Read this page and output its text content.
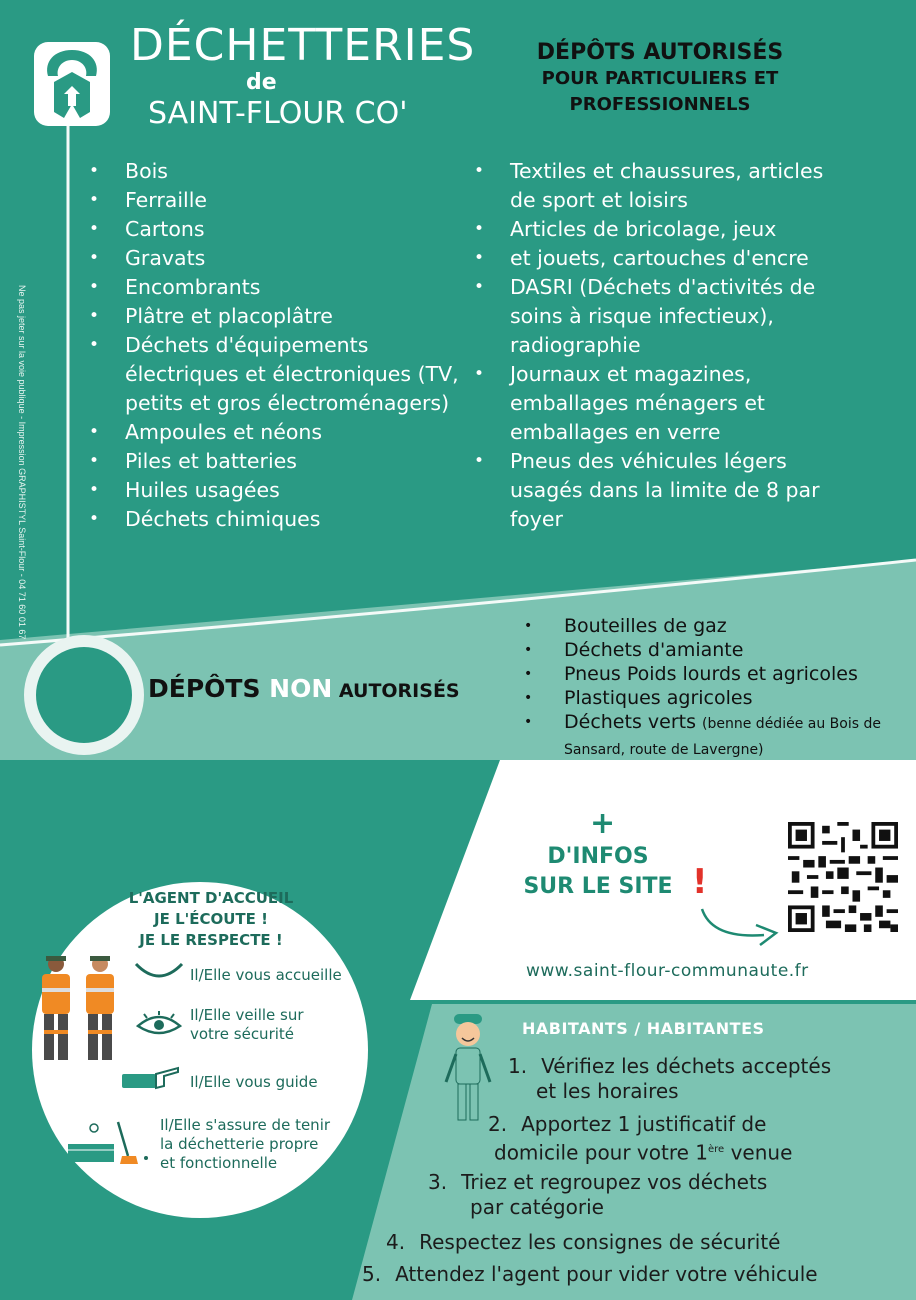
DÉCHETTERIES
de
SAINT-FLOUR CO'
DÉPÔTS AUTORISÉS
POUR PARTICULIERS ET
PROFESSIONNELS
Ne pas jeter sur la voie publique - Impression GRAPHISTYL Saint-Flour - 04 71 60 01 67
• Bois
• Ferraille
• Cartons
• Gravats
• Encombrants
• Plâtre et placoplâtre
• Déchets d'équipements électriques et électroniques (TV, petits et gros électroménagers)
• Ampoules et néons
• Piles et batteries
• Huiles usagées
• Déchets chimiques
• Textiles et chaussures, articles de sport et loisirs
• Articles de bricolage, jeux
• et jouets, cartouches d'encre
• DASRI (Déchets d'activités de soins à risque infectieux), radiographie
• Journaux et magazines, emballages ménagers et emballages en verre
• Pneus des véhicules légers usagés dans la limite de 8 par foyer
DÉPÔTS NON AUTORISÉS
• Bouteilles de gaz
• Déchets d'amiante
• Pneus Poids lourds et agricoles
• Plastiques agricoles
• Déchets verts (benne dédiée au Bois de Sansard, route de Lavergne)
+
D'INFOS
SUR LE SITE !
www.saint-flour-communaute.fr
L'AGENT D'ACCUEIL
JE L'ÉCOUTE !
JE LE RESPECTE !
Il/Elle vous accueille
Il/Elle veille sur
votre sécurité
Il/Elle vous guide
Il/Elle s'assure de tenir
la déchetterie propre
et fonctionnelle
HABITANTS / HABITANTES
1. Vérifiez les déchets acceptés
et les horaires
2. Apportez 1 justificatif de
domicile pour votre 1ère venue
3. Triez et regroupez vos déchets
par catégorie
4. Respectez les consignes de sécurité
5. Attendez l'agent pour vider votre véhicule
